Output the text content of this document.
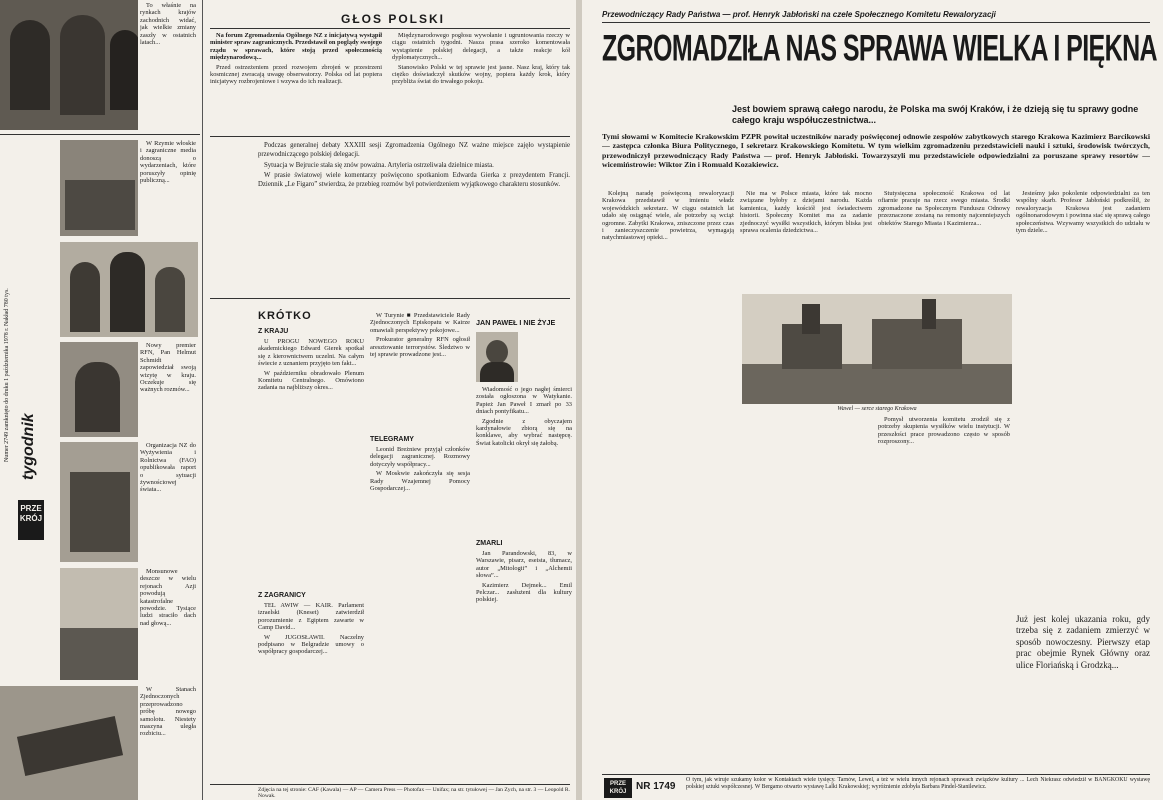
To właśnie na rynkach krajów zachodnich widać, jak wielkie zmiany zaszły w ostatnich latach...

W Rzymie włoskie i zagraniczne media donoszą o wydarzeniach, które poruszyły opinię publiczną...

Nowy premier RFN, Pan Helmut Schmidt zapowiedział swoją wizytę w kraju. Oczekuje się ważnych rozmów...

Numer 2749 zamknięto do druku 1 października 1978 r. Nakład 780 tys. tygodnik
PRZE KRÓJ

Organizacja NZ do Wyżywienia i Rolnictwa (FAO) opublikowała raport o sytuacji żywnościowej świata...

Monsunowe deszcze w wielu rejonach Azji powodują katastrofalne powodzie. Tysiące ludzi straciło dach nad głową...

W Stanach Zjednoczonych przeprowadzono próbę nowego samolotu. Niestety maszyna uległa rozbiciu...

GŁOS POLSKI

Na forum Zgromadzenia Ogólnego NZ z inicjatywą wystąpił minister spraw zagranicznych. Przedstawił on poglądy swojego rządu w sprawach, które stoją przed społecznością międzynarodową...

Przed ostrzeżeniem przed rozwojem zbrojeń w przestrzeni kosmicznej zwracają uwagę obserwatorzy. Polska od lat popiera inicjatywy rozbrojeniowe i wzywa do ich realizacji.

Międzynarodowego pogłosu wywołanie i ugruntowania rzeczy w ciągu ostatnich tygodni. Nasza prasa szeroko komentowała wystąpienie polskiej delegacji, a także reakcje kół dyplomatycznych...

Stanowisko Polski w tej sprawie jest jasne. Nasz kraj, który tak ciężko doświadczył skutków wojny, popiera każdy krok, który przybliża świat do trwałego pokoju.

Podczas generalnej debaty XXXIII sesji Zgromadzenia Ogólnego NZ ważne miejsce zajęło wystąpienie przewodniczącego polskiej delegacji.

Sytuacja w Bejrucie stała się znów poważna. Artyleria ostrzeliwała dzielnice miasta.

W prasie światowej wiele komentarzy poświęcono spotkaniom Edwarda Gierka z prezydentem Francji. Dziennik „Le Figaro” stwierdza, że przebieg rozmów był potwierdzeniem wyjątkowego charakteru stosunków.

KRÓTKO
Z KRAJU

U PROGU NOWEGO ROKU akademickiego Edward Gierek spotkał się z kierownictwem uczelni. Na całym świecie z uznaniem przyjęto ten fakt...

W październiku obradowało Plenum Komitetu Centralnego. Omówiono zadania na najbliższy okres...

Z ZAGRANICY

TEL AWIW — KAIR. Parlament izraelski (Kneset) zatwierdził porozumienie z Egiptem zawarte w Camp David...

W JUGOSŁAWII. Naczelny podpisano w Belgradzie umowy o współpracy gospodarczej...

W Turynie ■ Przedstawiciele Rady Zjednoczonych Episkopatu w Kairze omawiali perspektywy pokojowe...

Prokurator generalny RFN ogłosił aresztowanie terrorystów. Śledztwo w tej sprawie prowadzone jest...

TELEGRAMY

Leonid Breżniew przyjął członków delegacji zagranicznej. Rozmowy dotyczyły współpracy...

W Moskwie zakończyła się sesja Rady Wzajemnej Pomocy Gospodarczej...

JAN PAWEŁ I NIE ŻYJE

Wiadomość o jego nagłej śmierci została ogłoszona w Watykanie. Papież Jan Paweł I zmarł po 33 dniach pontyfikatu...

Zgodnie z obyczajem kardynałowie zbiorą się na konklawe, aby wybrać następcę. Świat katolicki okrył się żałobą.

ZMARLI

Jan Parandowski, 83, w Warszawie, pisarz, eseista, tłumacz, autor „Mitologii” i „Alchemii słowa”...

Kazimierz Dejmek... Emil Pelczar... zasłużeni dla kultury polskiej.

Zdjęcia na tej stronie: CAF (Kawala) — AP — Camera Press — Photofax — Unifax; na str. tytułowej — Jan Zych, na str. 3 — Leopold R. Nowak.
Przewodniczący Rady Państwa — prof. Henryk Jabłoński na czele Społecznego Komitetu Rewaloryzacji
ZGROMADZIŁA NAS SPRAWA WIELKA I PIĘKNA
Jest bowiem sprawą całego narodu, że Polska ma swój Kraków, i że dzieją się tu sprawy godne całego kraju współuczestnictwa...
Tymi słowami w Komitecie Krakowskim PZPR powitał uczestników narady poświęconej odnowie zespołów zabytkowych starego Krakowa Kazimierz Barcikowski — zastępca członka Biura Politycznego, I sekretarz Krakowskiego Komitetu. W tym wielkim zgromadzeniu przedstawicieli nauki i sztuki, środowisk twórczych, przewodniczył przewodniczący Rady Państwa — prof. Henryk Jabłoński. Towarzyszyli mu przedstawiciele odpowiedzialni za poruszane sprawy resortów — wicemiństrowie: Wiktor Zin i Romuald Kozakiewicz.

Kolejną naradę poświęconą rewaloryzacji Krakowa przedstawił w imieniu władz wojewódzkich sekretarz. W ciągu ostatnich lat udało się osiągnąć wiele, ale potrzeby są wciąż ogromne. Zabytki Krakowa, zniszczone przez czas i zanieczyszczenie powietrza, wymagają natychmiastowej opieki...

Nie ma w Polsce miasta, które tak mocno związane byłoby z dziejami narodu. Każda kamienica, każdy kościół jest świadectwem historii. Społeczny Komitet ma za zadanie zjednoczyć wysiłki wszystkich, którym bliska jest sprawa ocalenia dziedzictwa...

Stutysięczna społeczność Krakowa od lat ofiarnie pracuje na rzecz swego miasta. Środki zgromadzone na Społecznym Funduszu Odnowy przeznaczone zostaną na remonty najcenniejszych obiektów Starego Miasta i Kazimierza...

Jesteśmy jako pokolenie odpowiedzialni za ten wspólny skarb. Profesor Jabłoński podkreślił, że rewaloryzacja Krakowa jest zadaniem ogólnonarodowym i powinna stać się sprawą całego społeczeństwa. Wzywamy wszystkich do udziału w tym dziele...

Wawel — serce starego Krakowa

Pomysł utworzenia komitetu zrodził się z potrzeby skupienia wysiłków wielu instytucji. W przeszłości prace prowadzono często w sposób rozproszony...

Już jest kolej ukazania roku, gdy trzeba się z zadaniem zmierzyć w sposób nowoczesny. Pierwszy etap prac obejmie Rynek Główny oraz ulice Floriańską i Grodzką...

PRZE KRÓJ NR 1749
O tym, jak wiruje szukamy kolor w Kontaktach wiele tysięcy. Tarnów, Lewel, a też w wielu innych rejonach sprawach związków kultury ... Lech Niekrasz odwiedził w BANGKOKU wystawę polskiej sztuki współczesnej. W Bergamo otwarto wystawę Lalki Krakowskiej; wyróżnienie zdobyła Barbara Pindel-Stanilewicz.
